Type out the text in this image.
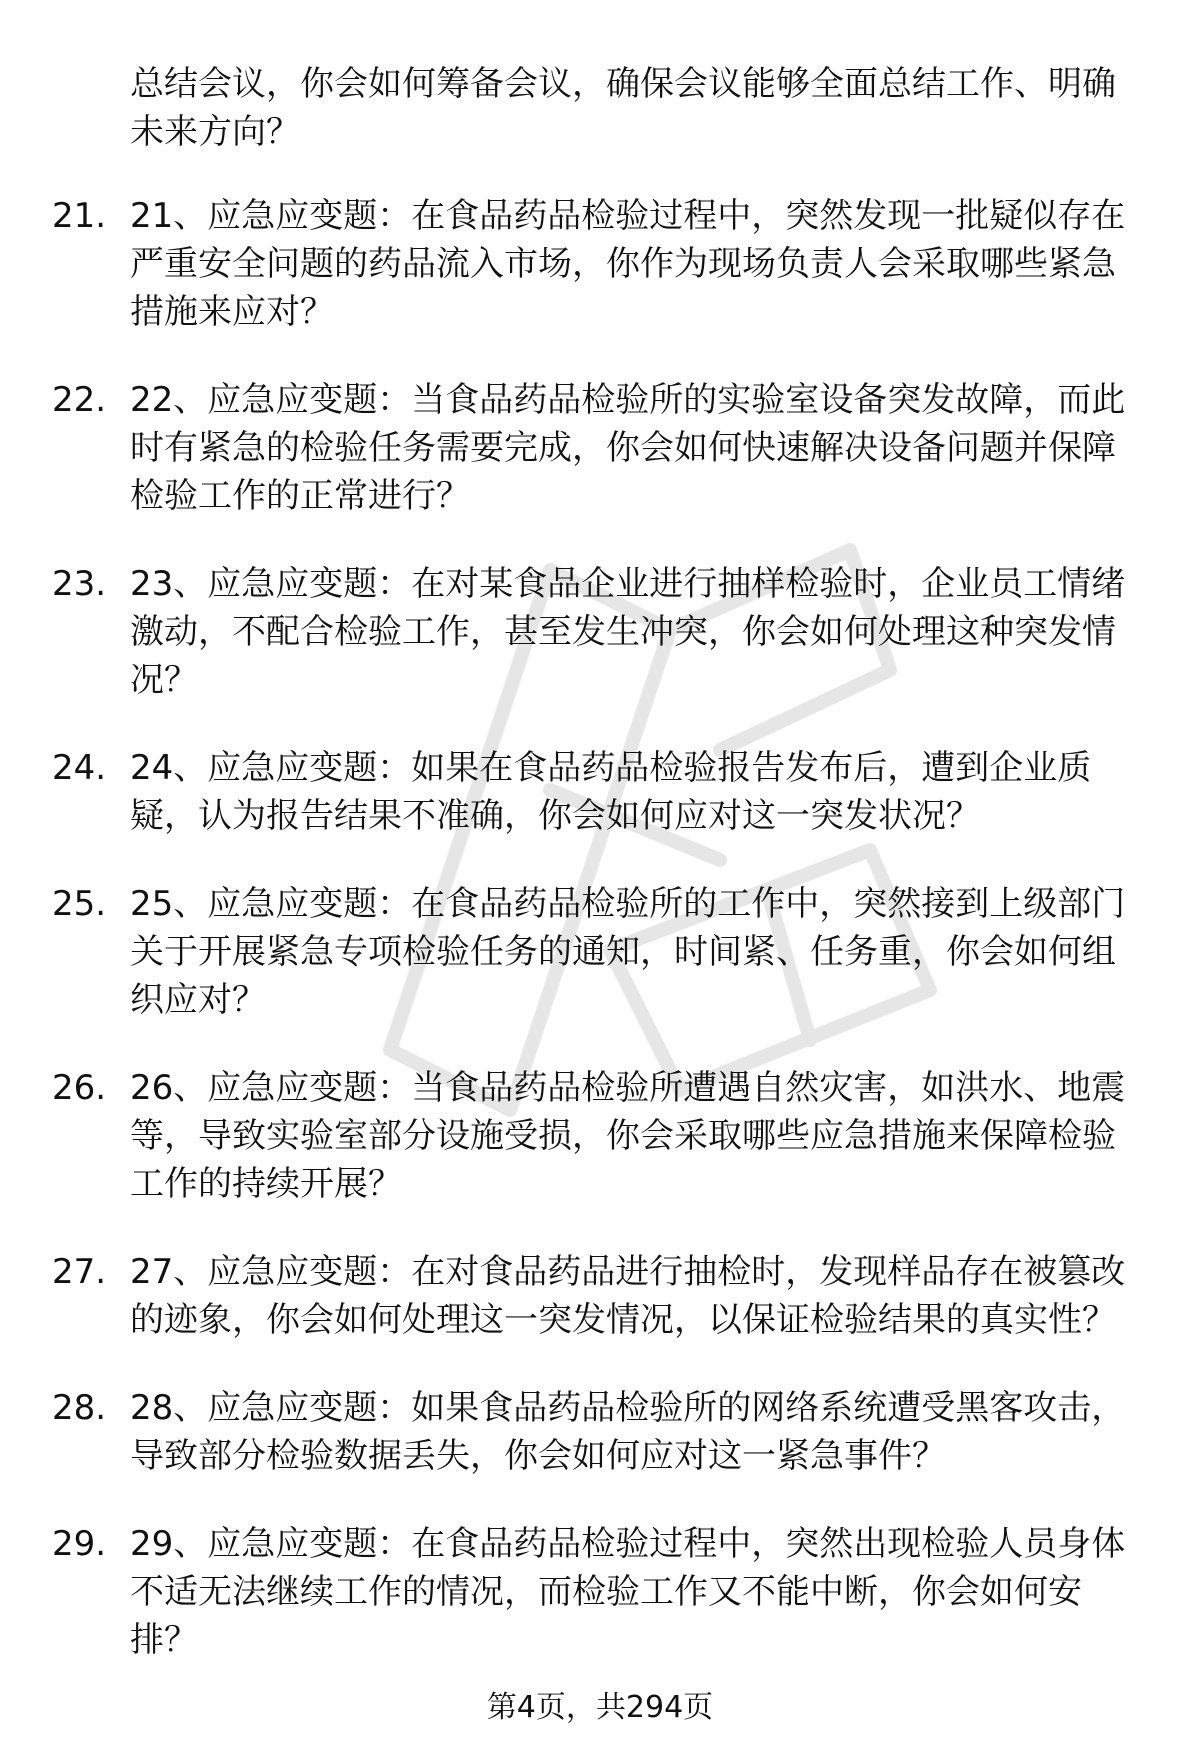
总结会议，你会如何筹备会议，确保会议能够全面总结工作、明确未来方向？

21. 21、应急应变题：在食品药品检验过程中，突然发现一批疑似存在严重安全问题的药品流入市场，你作为现场负责人会采取哪些紧急措施来应对？
22. 22、应急应变题：当食品药品检验所的实验室设备突发故障，而此时有紧急的检验任务需要完成，你会如何快速解决设备问题并保障检验工作的正常进行？
23. 23、应急应变题：在对某食品企业进行抽样检验时，企业员工情绪激动，不配合检验工作，甚至发生冲突，你会如何处理这种突发情况？
24. 24、应急应变题：如果在食品药品检验报告发布后，遭到企业质疑，认为报告结果不准确，你会如何应对这一突发状况？
25. 25、应急应变题：在食品药品检验所的工作中，突然接到上级部门关于开展紧急专项检验任务的通知，时间紧、任务重，你会如何组织应对？
26. 26、应急应变题：当食品药品检验所遭遇自然灾害，如洪水、地震等，导致实验室部分设施受损，你会采取哪些应急措施来保障检验工作的持续开展？
27. 27、应急应变题：在对食品药品进行抽检时，发现样品存在被篡改的迹象，你会如何处理这一突发情况，以保证检验结果的真实性？
28. 28、应急应变题：如果食品药品检验所的网络系统遭受黑客攻击，导致部分检验数据丢失，你会如何应对这一紧急事件？
29. 29、应急应变题：在食品药品检验过程中，突然出现检验人员身体不适无法继续工作的情况，而检验工作又不能中断，你会如何安排？
第4页，共294页
